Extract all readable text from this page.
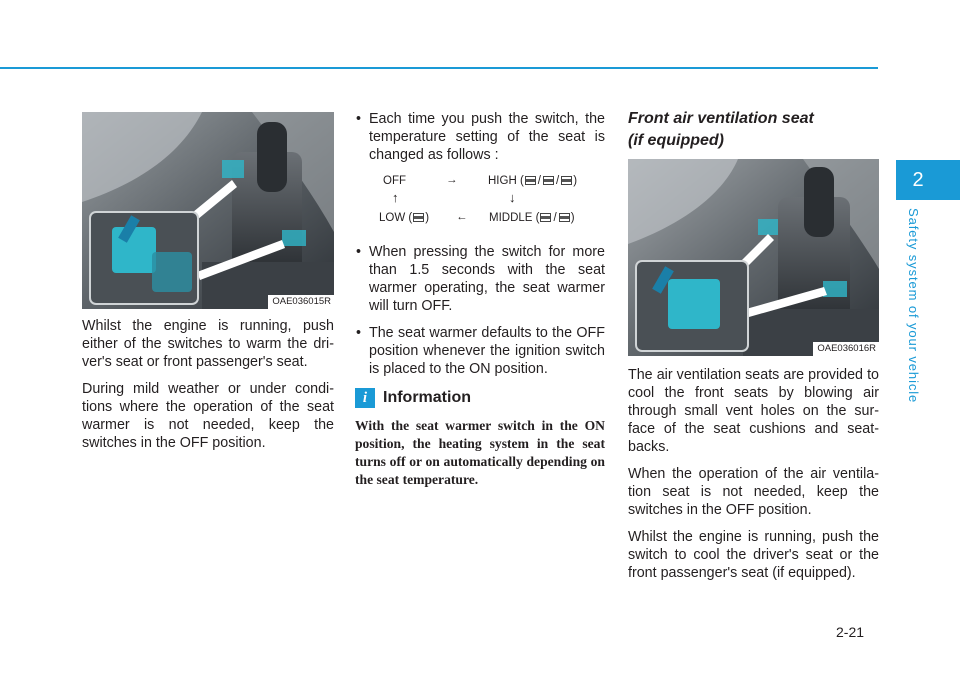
2
Safety system of your vehicle
OAE036015R

Whilst the engine is running, push either of the switches to warm the dri-ver's seat or front passenger's seat.

During mild weather or under condi-tions where the operation of the seat warmer is not needed, keep the switches in the OFF position.

• Each time you push the switch, the temperature setting of the seat is changed as follows :
OFF	→	HIGH ( / / )
↑	↓
LOW ( ) ← MIDDLE ( / )
• When pressing the switch for more than 1.5 seconds with the seat warmer operating, the seat warmer will turn OFF.
• The seat warmer defaults to the OFF position whenever the ignition switch is placed to the ON position.
i Information

With the seat warmer switch in the ON position, the heating system in the seat turns off or on automatically depending on the seat temperature.

Front air ventilation seat

(if equipped)

OAE036016R

The air ventilation seats are provided to cool the front seats by blowing air through small vent holes on the sur-face of the seat cushions and seat-backs.

When the operation of the air ventila-tion seat is not needed, keep the switches in the OFF position.

Whilst the engine is running, push the switch to cool the driver's seat or the front passenger's seat (if equipped).

2-21
